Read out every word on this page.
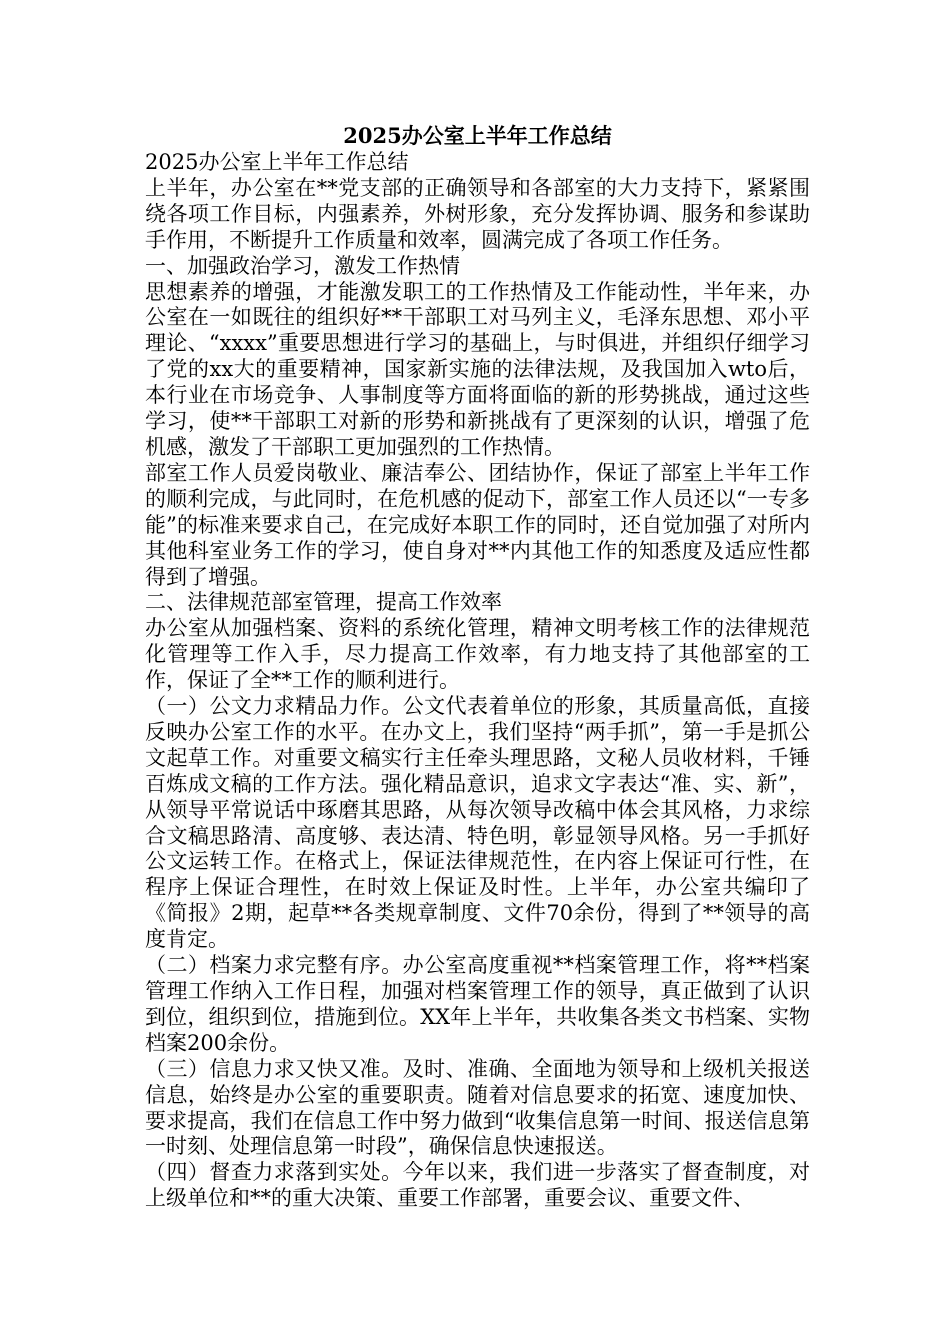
2025办公室上半年工作总结

2025办公室上半年工作总结

上半年，办公室在**党支部的正确领导和各部室的大力支持下，紧紧围绕各项工作目标，内强素养，外树形象，充分发挥协调、服务和参谋助手作用，不断提升工作质量和效率，圆满完成了各项工作任务。

一、加强政治学习，激发工作热情

思想素养的增强，才能激发职工的工作热情及工作能动性，半年来，办公室在一如既往的组织好**干部职工对马列主义，毛泽东思想、邓小平理论、“xxxx”重要思想进行学习的基础上，与时俱进，并组织仔细学习了党的xx大的重要精神，国家新实施的法律法规，及我国加入wto后，本行业在市场竞争、人事制度等方面将面临的新的形势挑战，通过这些学习，使**干部职工对新的形势和新挑战有了更深刻的认识，增强了危机感，激发了干部职工更加强烈的工作热情。

部室工作人员爱岗敬业、廉洁奉公、团结协作，保证了部室上半年工作的顺利完成，与此同时，在危机感的促动下，部室工作人员还以“一专多能”的标准来要求自己，在完成好本职工作的同时，还自觉加强了对所内其他科室业务工作的学习，使自身对**内其他工作的知悉度及适应性都得到了增强。

二、法律规范部室管理，提高工作效率

办公室从加强档案、资料的系统化管理，精神文明考核工作的法律规范化管理等工作入手，尽力提高工作效率，有力地支持了其他部室的工作，保证了全**工作的顺利进行。

（一）公文力求精品力作。公文代表着单位的形象，其质量高低，直接反映办公室工作的水平。在办文上，我们坚持“两手抓”，第一手是抓公文起草工作。对重要文稿实行主任牵头理思路，文秘人员收材料，千锤百炼成文稿的工作方法。强化精品意识，追求文字表达“准、实、新”，从领导平常说话中琢磨其思路，从每次领导改稿中体会其风格，力求综合文稿思路清、高度够、表达清、特色明，彰显领导风格。另一手抓好公文运转工作。在格式上，保证法律规范性，在内容上保证可行性，在程序上保证合理性，在时效上保证及时性。上半年，办公室共编印了《简报》2期，起草**各类规章制度、文件70余份，得到了**领导的高度肯定。

（二）档案力求完整有序。办公室高度重视**档案管理工作，将**档案管理工作纳入工作日程，加强对档案管理工作的领导，真正做到了认识到位，组织到位，措施到位。XX年上半年，共收集各类文书档案、实物档案200余份。

（三）信息力求又快又准。及时、准确、全面地为领导和上级机关报送信息，始终是办公室的重要职责。随着对信息要求的拓宽、速度加快、要求提高，我们在信息工作中努力做到“收集信息第一时间、报送信息第一时刻、处理信息第一时段”，确保信息快速报送。

（四）督查力求落到实处。今年以来，我们进一步落实了督查制度，对上级单位和**的重大决策、重要工作部署，重要会议、重要文件、
